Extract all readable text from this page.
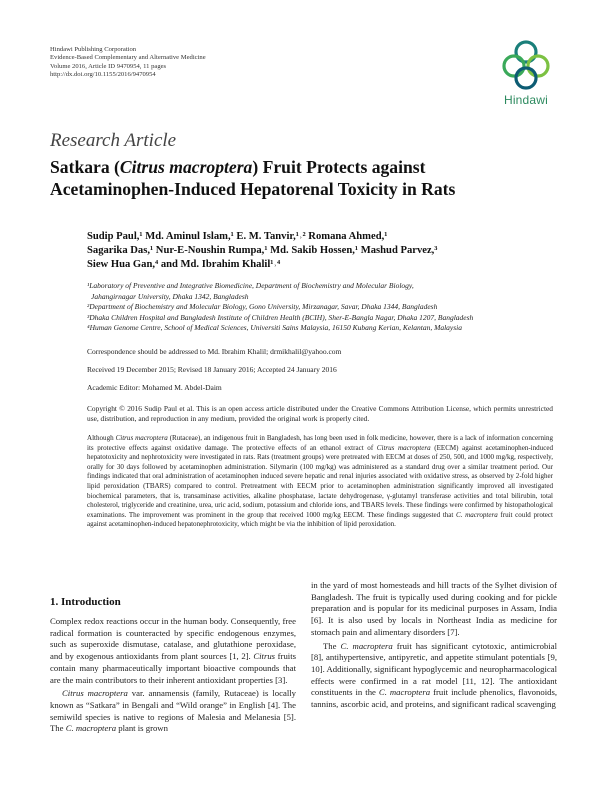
Hindawi Publishing Corporation
Evidence-Based Complementary and Alternative Medicine
Volume 2016, Article ID 9470954, 11 pages
http://dx.doi.org/10.1155/2016/9470954
Hindawi
Research Article
Satkara (Citrus macroptera) Fruit Protects against
Acetaminophen-Induced Hepatorenal Toxicity in Rats
Sudip Paul,¹ Md. Aminul Islam,¹ E. M. Tanvir,¹˒² Romana Ahmed,¹
Sagarika Das,¹ Nur-E-Noushin Rumpa,¹ Md. Sakib Hossen,¹ Mashud Parvez,³
Siew Hua Gan,⁴ and Md. Ibrahim Khalil¹˒⁴
¹Laboratory of Preventive and Integrative Biomedicine, Department of Biochemistry and Molecular Biology,
Jahangirnagar University, Dhaka 1342, Bangladesh
²Department of Biochemistry and Molecular Biology, Gono University, Mirzanagar, Savar, Dhaka 1344, Bangladesh
³Dhaka Children Hospital and Bangladesh Institute of Children Health (BCIH), Sher-E-Bangla Nagar, Dhaka 1207, Bangladesh
⁴Human Genome Centre, School of Medical Sciences, Universiti Sains Malaysia, 16150 Kubang Kerian, Kelantan, Malaysia
Correspondence should be addressed to Md. Ibrahim Khalil; drmikhalil@yahoo.com
Received 19 December 2015; Revised 18 January 2016; Accepted 24 January 2016
Academic Editor: Mohamed M. Abdel-Daim

Copyright © 2016 Sudip Paul et al. This is an open access article distributed under the Creative Commons Attribution License, which permits unrestricted use, distribution, and reproduction in any medium, provided the original work is properly cited.

Although Citrus macroptera (Rutaceae), an indigenous fruit in Bangladesh, has long been used in folk medicine, however, there is a lack of information concerning its protective effects against oxidative damage. The protective effects of an ethanol extract of Citrus macroptera (EECM) against acetaminophen-induced hepatotoxicity and nephrotoxicity were investigated in rats. Rats (treatment groups) were pretreated with EECM at doses of 250, 500, and 1000 mg/kg, respectively, orally for 30 days followed by acetaminophen administration. Silymarin (100 mg/kg) was administered as a standard drug over a similar treatment period. Our findings indicated that oral administration of acetaminophen induced severe hepatic and renal injuries associated with oxidative stress, as observed by 2-fold higher lipid peroxidation (TBARS) compared to control. Pretreatment with EECM prior to acetaminophen administration significantly improved all investigated biochemical parameters, that is, transaminase activities, alkaline phosphatase, lactate dehydrogenase, γ-glutamyl transferase activities and total bilirubin, total cholesterol, triglyceride and creatinine, urea, uric acid, sodium, potassium and chloride ions, and TBARS levels. These findings were confirmed by histopathological examinations. The improvement was prominent in the group that received 1000 mg/kg EECM. These findings suggested that C. macroptera fruit could protect against acetaminophen-induced hepatonephrotoxicity, which might be via the inhibition of lipid peroxidation.

1. Introduction

Complex redox reactions occur in the human body. Consequently, free radical formation is counteracted by specific endogenous enzymes, such as superoxide dismutase, catalase, and glutathione peroxidase, and by exogenous antioxidants from plant sources [1, 2]. Citrus fruits contain many pharmaceutically important bioactive compounds that are the main contributors to their inherent antioxidant properties [3].

Citrus macroptera var. annamensis (family, Rutaceae) is locally known as “Satkara” in Bengali and “Wild orange” in English [4]. The semiwild species is native to regions of Malesia and Melanesia [5]. The C. macroptera plant is grown

in the yard of most homesteads and hill tracts of the Sylhet division of Bangladesh. The fruit is typically used during cooking and for pickle preparation and is popular for its medicinal purposes in Assam, India [6]. It is also used by locals in Northeast India as medicine for stomach pain and alimentary disorders [7].

The C. macroptera fruit has significant cytotoxic, antimicrobial [8], antihypertensive, antipyretic, and appetite stimulant potentials [9, 10]. Additionally, significant hypoglycemic and neuropharmacological effects were confirmed in a rat model [11, 12]. The antioxidant constituents in the C. macroptera fruit include phenolics, flavonoids, tannins, ascorbic acid, and proteins, and significant radical scavenging
